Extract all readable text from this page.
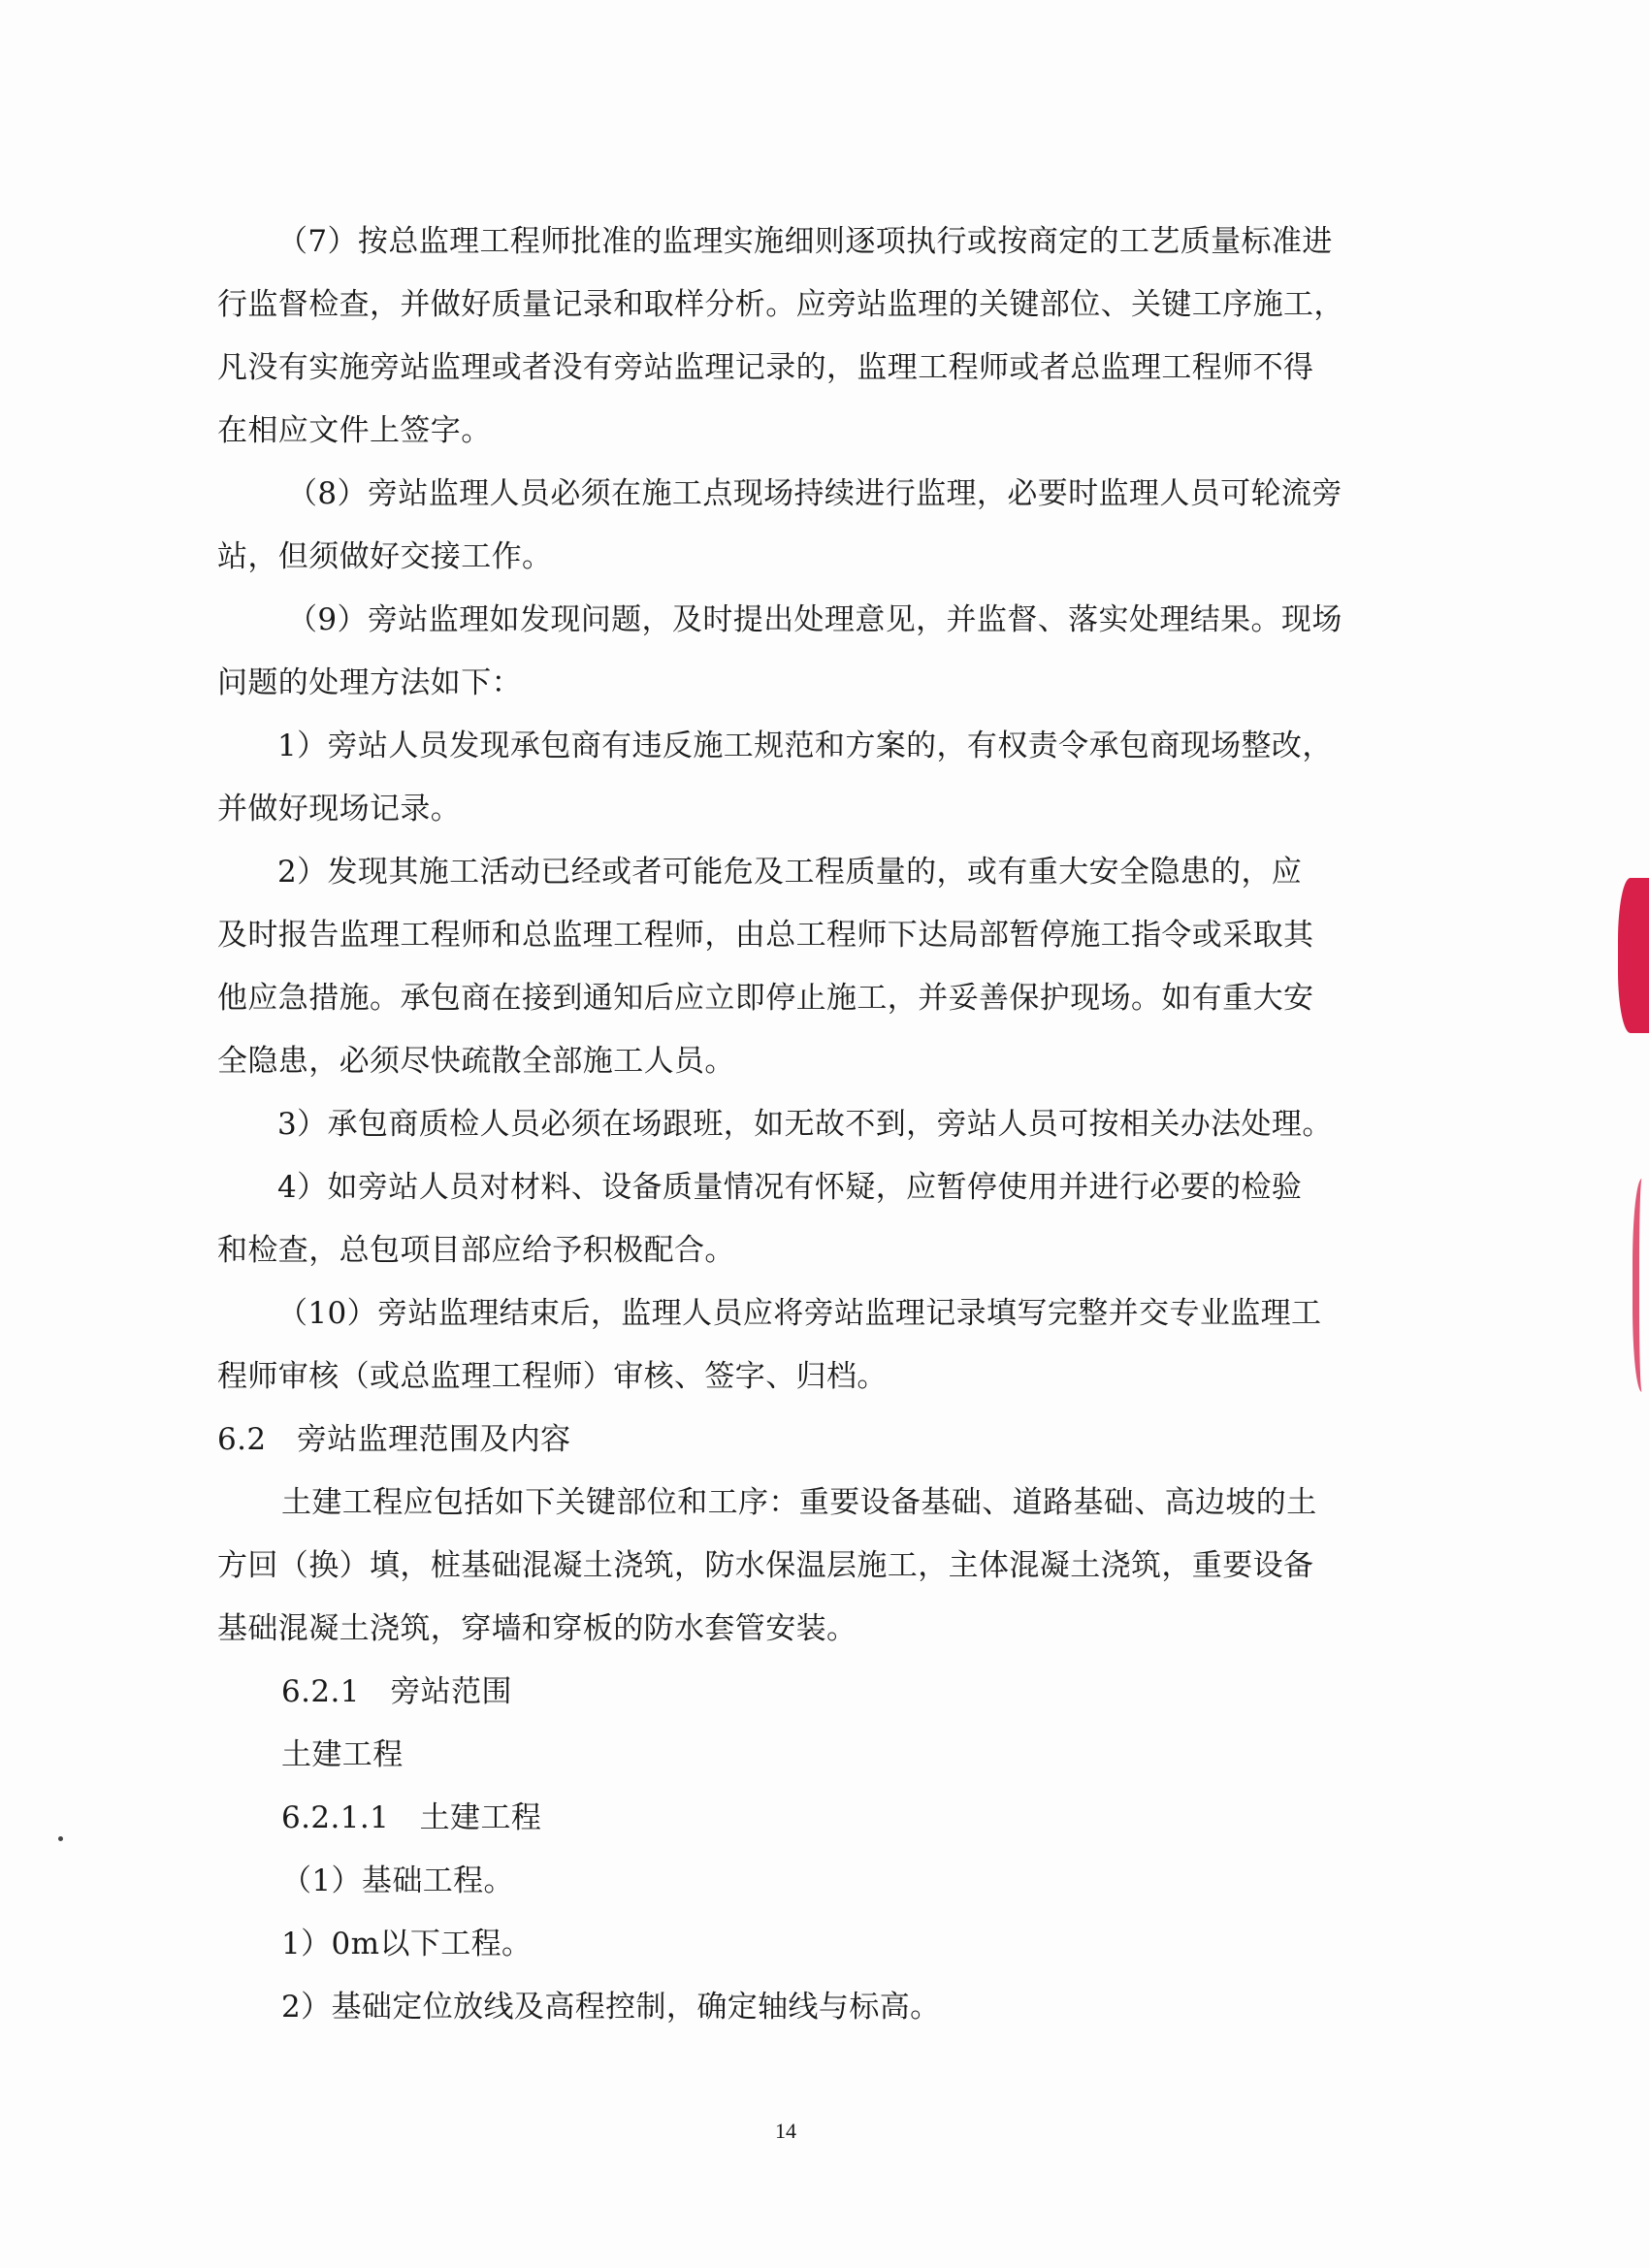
（7）按总监理工程师批准的监理实施细则逐项执行或按商定的工艺质量标准进
行监督检查，并做好质量记录和取样分析。应旁站监理的关键部位、关键工序施工，
凡没有实施旁站监理或者没有旁站监理记录的，监理工程师或者总监理工程师不得
在相应文件上签字。
（8）旁站监理人员必须在施工点现场持续进行监理，必要时监理人员可轮流旁
站，但须做好交接工作。
（9）旁站监理如发现问题，及时提出处理意见，并监督、落实处理结果。现场
问题的处理方法如下：
1）旁站人员发现承包商有违反施工规范和方案的，有权责令承包商现场整改，
并做好现场记录。
2）发现其施工活动已经或者可能危及工程质量的，或有重大安全隐患的，应
及时报告监理工程师和总监理工程师，由总工程师下达局部暂停施工指令或采取其
他应急措施。承包商在接到通知后应立即停止施工，并妥善保护现场。如有重大安
全隐患，必须尽快疏散全部施工人员。
3）承包商质检人员必须在场跟班，如无故不到，旁站人员可按相关办法处理。
4）如旁站人员对材料、设备质量情况有怀疑，应暂停使用并进行必要的检验
和检查，总包项目部应给予积极配合。
（10）旁站监理结束后，监理人员应将旁站监理记录填写完整并交专业监理工
程师审核（或总监理工程师）审核、签字、归档。
6.2　旁站监理范围及内容
土建工程应包括如下关键部位和工序：重要设备基础、道路基础、高边坡的土
方回（换）填，桩基础混凝土浇筑，防水保温层施工，主体混凝土浇筑，重要设备
基础混凝土浇筑，穿墙和穿板的防水套管安装。
6.2.1　旁站范围
土建工程
6.2.1.1　土建工程
（1）基础工程。
1）0m以下工程。
2）基础定位放线及高程控制，确定轴线与标高。
14
